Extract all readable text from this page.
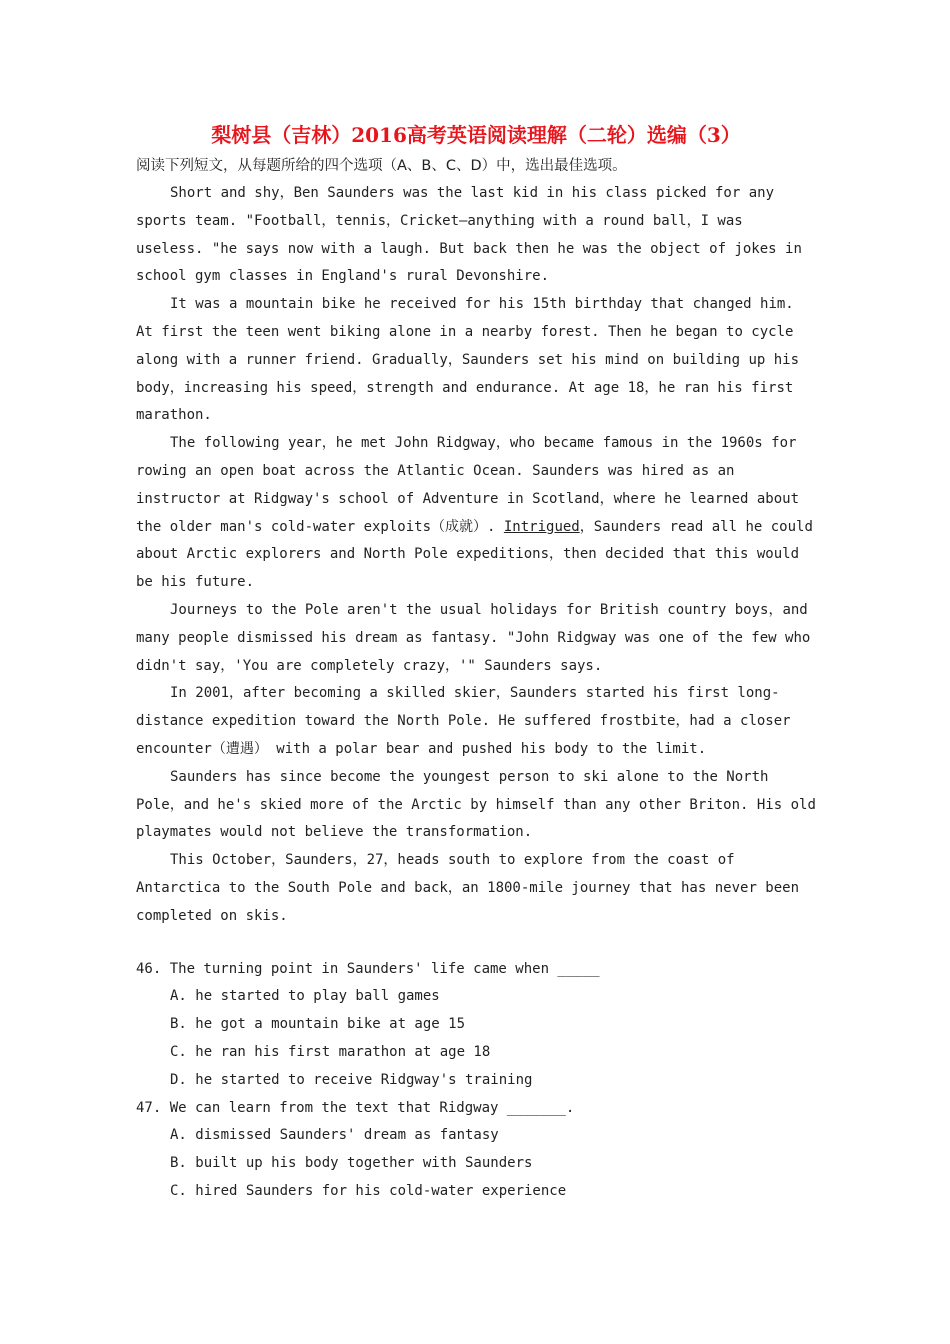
梨树县（吉林）2016高考英语阅读理解（二轮）选编（3）

阅读下列短文，从每题所给的四个选项（A、B、C、D）中，选出最佳选项。

Short and shy，Ben Saunders was the last kid in his class picked for any sports team. "Football，tennis，Cricket—anything with a round ball，I was useless. "he says now with a laugh. But back then he was the object of jokes in school gym classes in England's rural Devonshire.

It was a mountain bike he received for his 15th birthday that changed him. At first the teen went biking alone in a nearby forest. Then he began to cycle along with a runner friend. Gradually，Saunders set his mind on building up his body，increasing his speed，strength and endurance. At age 18，he ran his first marathon.

The following year，he met John Ridgway，who became famous in the 1960s for rowing an open boat across the Atlantic Ocean. Saunders was hired as an instructor at Ridgway's school of Adventure in Scotland，where he learned about the older man's cold-water exploits（成就）. Intrigued，Saunders read all he could about Arctic explorers and North Pole expeditions，then decided that this would be his future.

Journeys to the Pole aren't the usual holidays for British country boys，and many people dismissed his dream as fantasy. "John Ridgway was one of the few who didn't say，'You are completely crazy，'" Saunders says.

In 2001，after becoming a skilled skier，Saunders started his first long-distance expedition toward the North Pole. He suffered frostbite，had a closer encounter（遭遇） with a polar bear and pushed his body to the limit.

Saunders has since become the youngest person to ski alone to the North Pole，and he's skied more of the Arctic by himself than any other Briton. His old playmates would not believe the transformation.

This October，Saunders，27，heads south to explore from the coast of Antarctica to the South Pole and back，an 1800-mile journey that has never been completed on skis.

46. The turning point in Saunders' life came when _____

A. he started to play ball games

B. he got a mountain bike at age 15

C. he ran his first marathon at age 18

D. he started to receive Ridgway's training

47. We can learn from the text that Ridgway _______.

A. dismissed Saunders' dream as fantasy

B. built up his body together with Saunders

C. hired Saunders for his cold-water experience
